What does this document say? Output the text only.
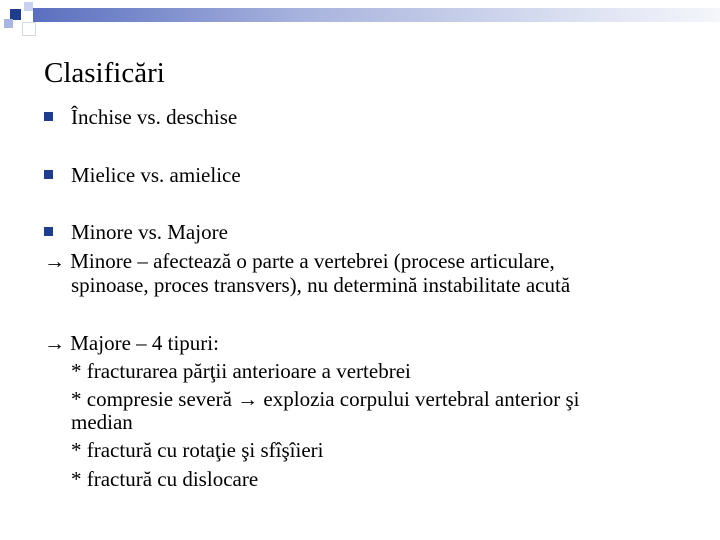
Clasificări
Închise vs. deschise
Mielice vs. amielice
Minore vs. Majore
→ Minore – afectează o parte a vertebrei (procese articulare,
spinoase, proces transvers), nu determină instabilitate acută
→ Majore – 4 tipuri:
* fracturarea părţii anterioare a vertebrei
* compresie severă → explozia corpului vertebral anterior şi
median
* fractură cu rotaţie şi sfîşîieri
* fractură cu dislocare
